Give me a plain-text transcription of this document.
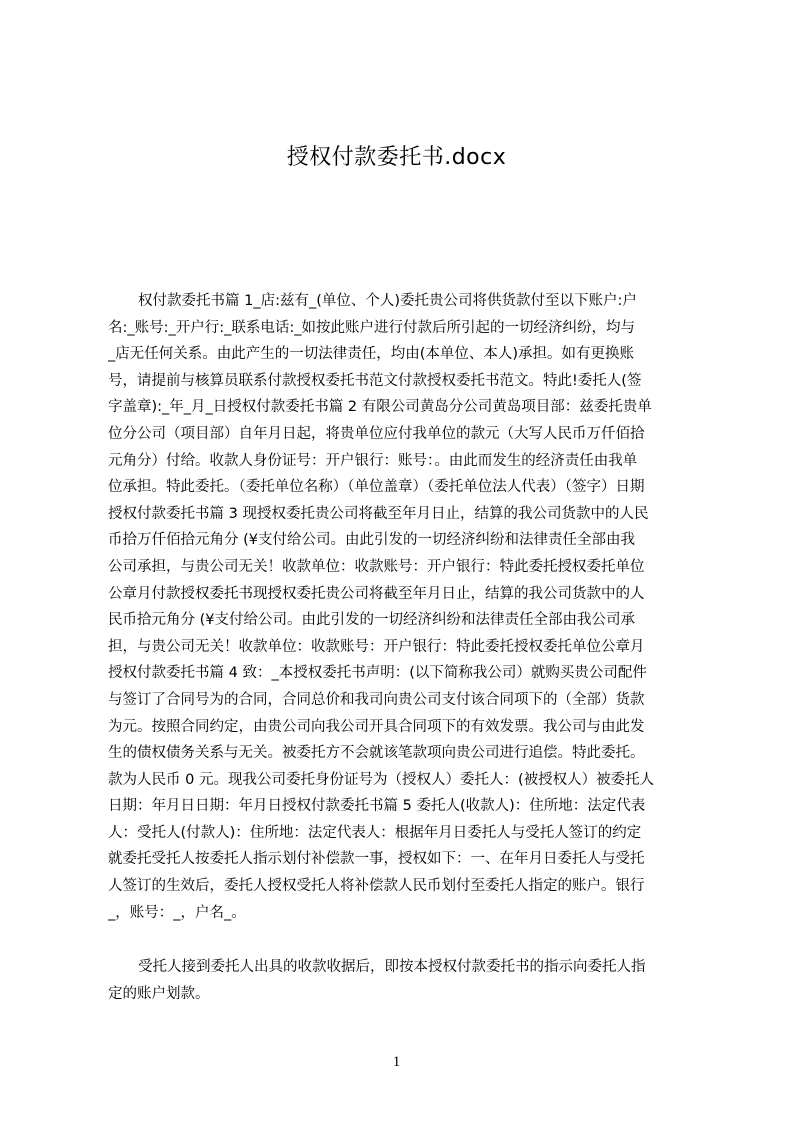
授权付款委托书.docx
权付款委托书篇 1_店:兹有_(单位、个人)委托贵公司将供货款付至以下账户:户
名:_账号:_开户行:_联系电话:_如按此账户进行付款后所引起的一切经济纠纷，均与
_店无任何关系。由此产生的一切法律责任，均由(本单位、本人)承担。如有更换账
号，请提前与核算员联系付款授权委托书范文付款授权委托书范文。特此!委托人(签
字盖章):_年_月_日授权付款委托书篇 2 有限公司黄岛分公司黄岛项目部：兹委托贵单
位分公司（项目部）自年月日起，将贵单位应付我单位的款元（大写人民币万仟佰拾
元角分）付给。收款人身份证号：开户银行：账号：。由此而发生的经济责任由我单
位承担。特此委托。（委托单位名称）（单位盖章）（委托单位法人代表）（签字）日期
授权付款委托书篇 3 现授权委托贵公司将截至年月日止，结算的我公司货款中的人民
币拾万仟佰拾元角分 (¥支付给公司。由此引发的一切经济纠纷和法律责任全部由我
公司承担，与贵公司无关！收款单位：收款账号：开户银行：特此委托授权委托单位
公章月付款授权委托书现授权委托贵公司将截至年月日止，结算的我公司货款中的人
民币拾元角分 (¥支付给公司。由此引发的一切经济纠纷和法律责任全部由我公司承
担，与贵公司无关！收款单位：收款账号：开户银行：特此委托授权委托单位公章月
授权付款委托书篇 4 致：_本授权委托书声明：(以下简称我公司）就购买贵公司配件
与签订了合同号为的合同，合同总价和我司向贵公司支付该合同项下的（全部）货款
为元。按照合同约定，由贵公司向我公司开具合同项下的有效发票。我公司与由此发
生的债权债务关系与无关。被委托方不会就该笔款项向贵公司进行追偿。特此委托。
款为人民币 0 元。现我公司委托身份证号为（授权人）委托人：(被授权人）被委托人
日期：年月日日期：年月日授权付款委托书篇 5 委托人(收款人)：住所地：法定代表
人：受托人(付款人)：住所地：法定代表人：根据年月日委托人与受托人签订的约定
就委托受托人按委托人指示划付补偿款一事，授权如下：一、在年月日委托人与受托
人签订的生效后，委托人授权受托人将补偿款人民币划付至委托人指定的账户。银行
_，账号：_，户名_。
受托人接到委托人出具的收款收据后，即按本授权付款委托书的指示向委托人指
定的账户划款。
1
